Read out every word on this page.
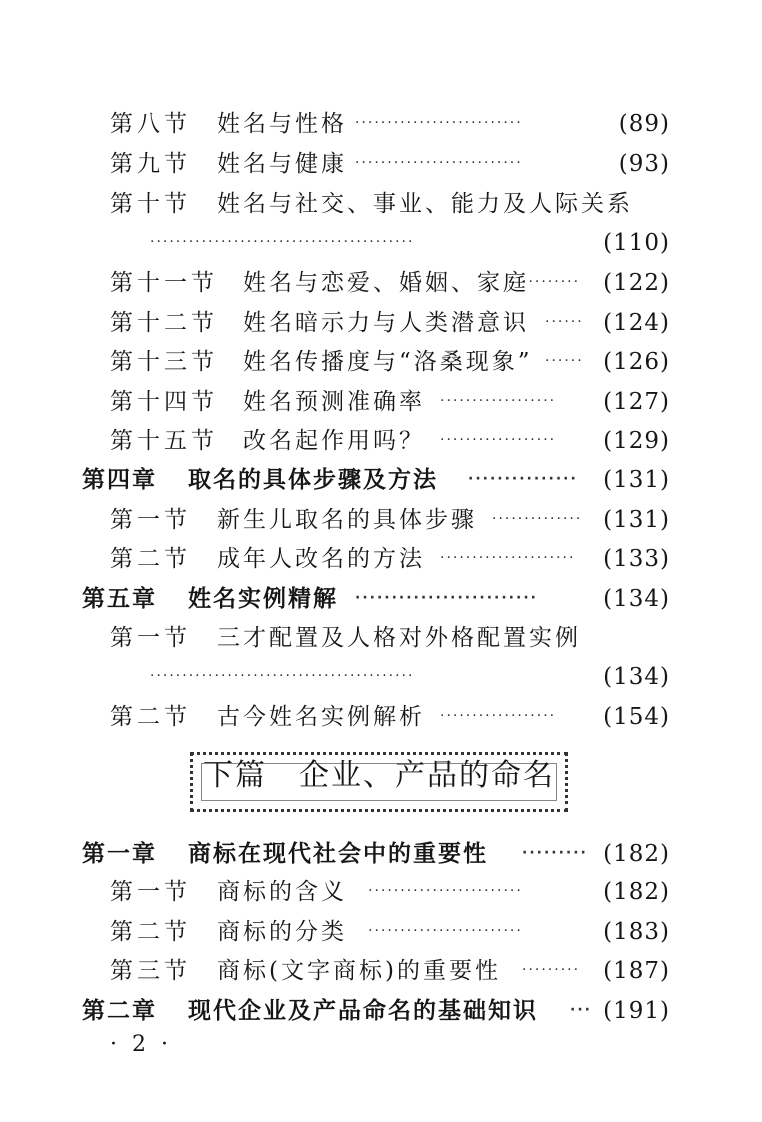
第八节 姓名与性格 ··························	(89)
第九节 姓名与健康 ··························	(93)
第十节 姓名与社交、事业、能力及人际关系
·········································	(110)
第十一节 姓名与恋爱、婚姻、家庭
·········	(122)
第十二节 姓名暗示力与人类潜意识 ······ (124)
第十三节 姓名传播度与“洛桑现象” ······ (126)
第十四节 姓名预测准确率 ··················	(127)
第十五节 改名起作用吗？ ··················	(129)
第四章 取名的具体步骤及方法 ···············	(131)
第一节 新生儿取名的具体步骤 ·············· (131)
第二节 成年人改名的方法 ·····················	(133)
第五章 姓名实例精解 ·························	(134)
第一节 三才配置及人格对外格配置实例
·········································	(134)
第二节 古今姓名实例解析 ··················	(154)
下篇　企业、产品的命名
第一章 商标在现代社会中的重要性 ········· (182)
第一节 商标的含义 ························	(182)
第二节 商标的分类 ························	(183)
第三节 商标(文字商标)的重要性 ·········	(187)
第二章 现代企业及产品命名的基础知识 ··· (191)
· 2 ·
